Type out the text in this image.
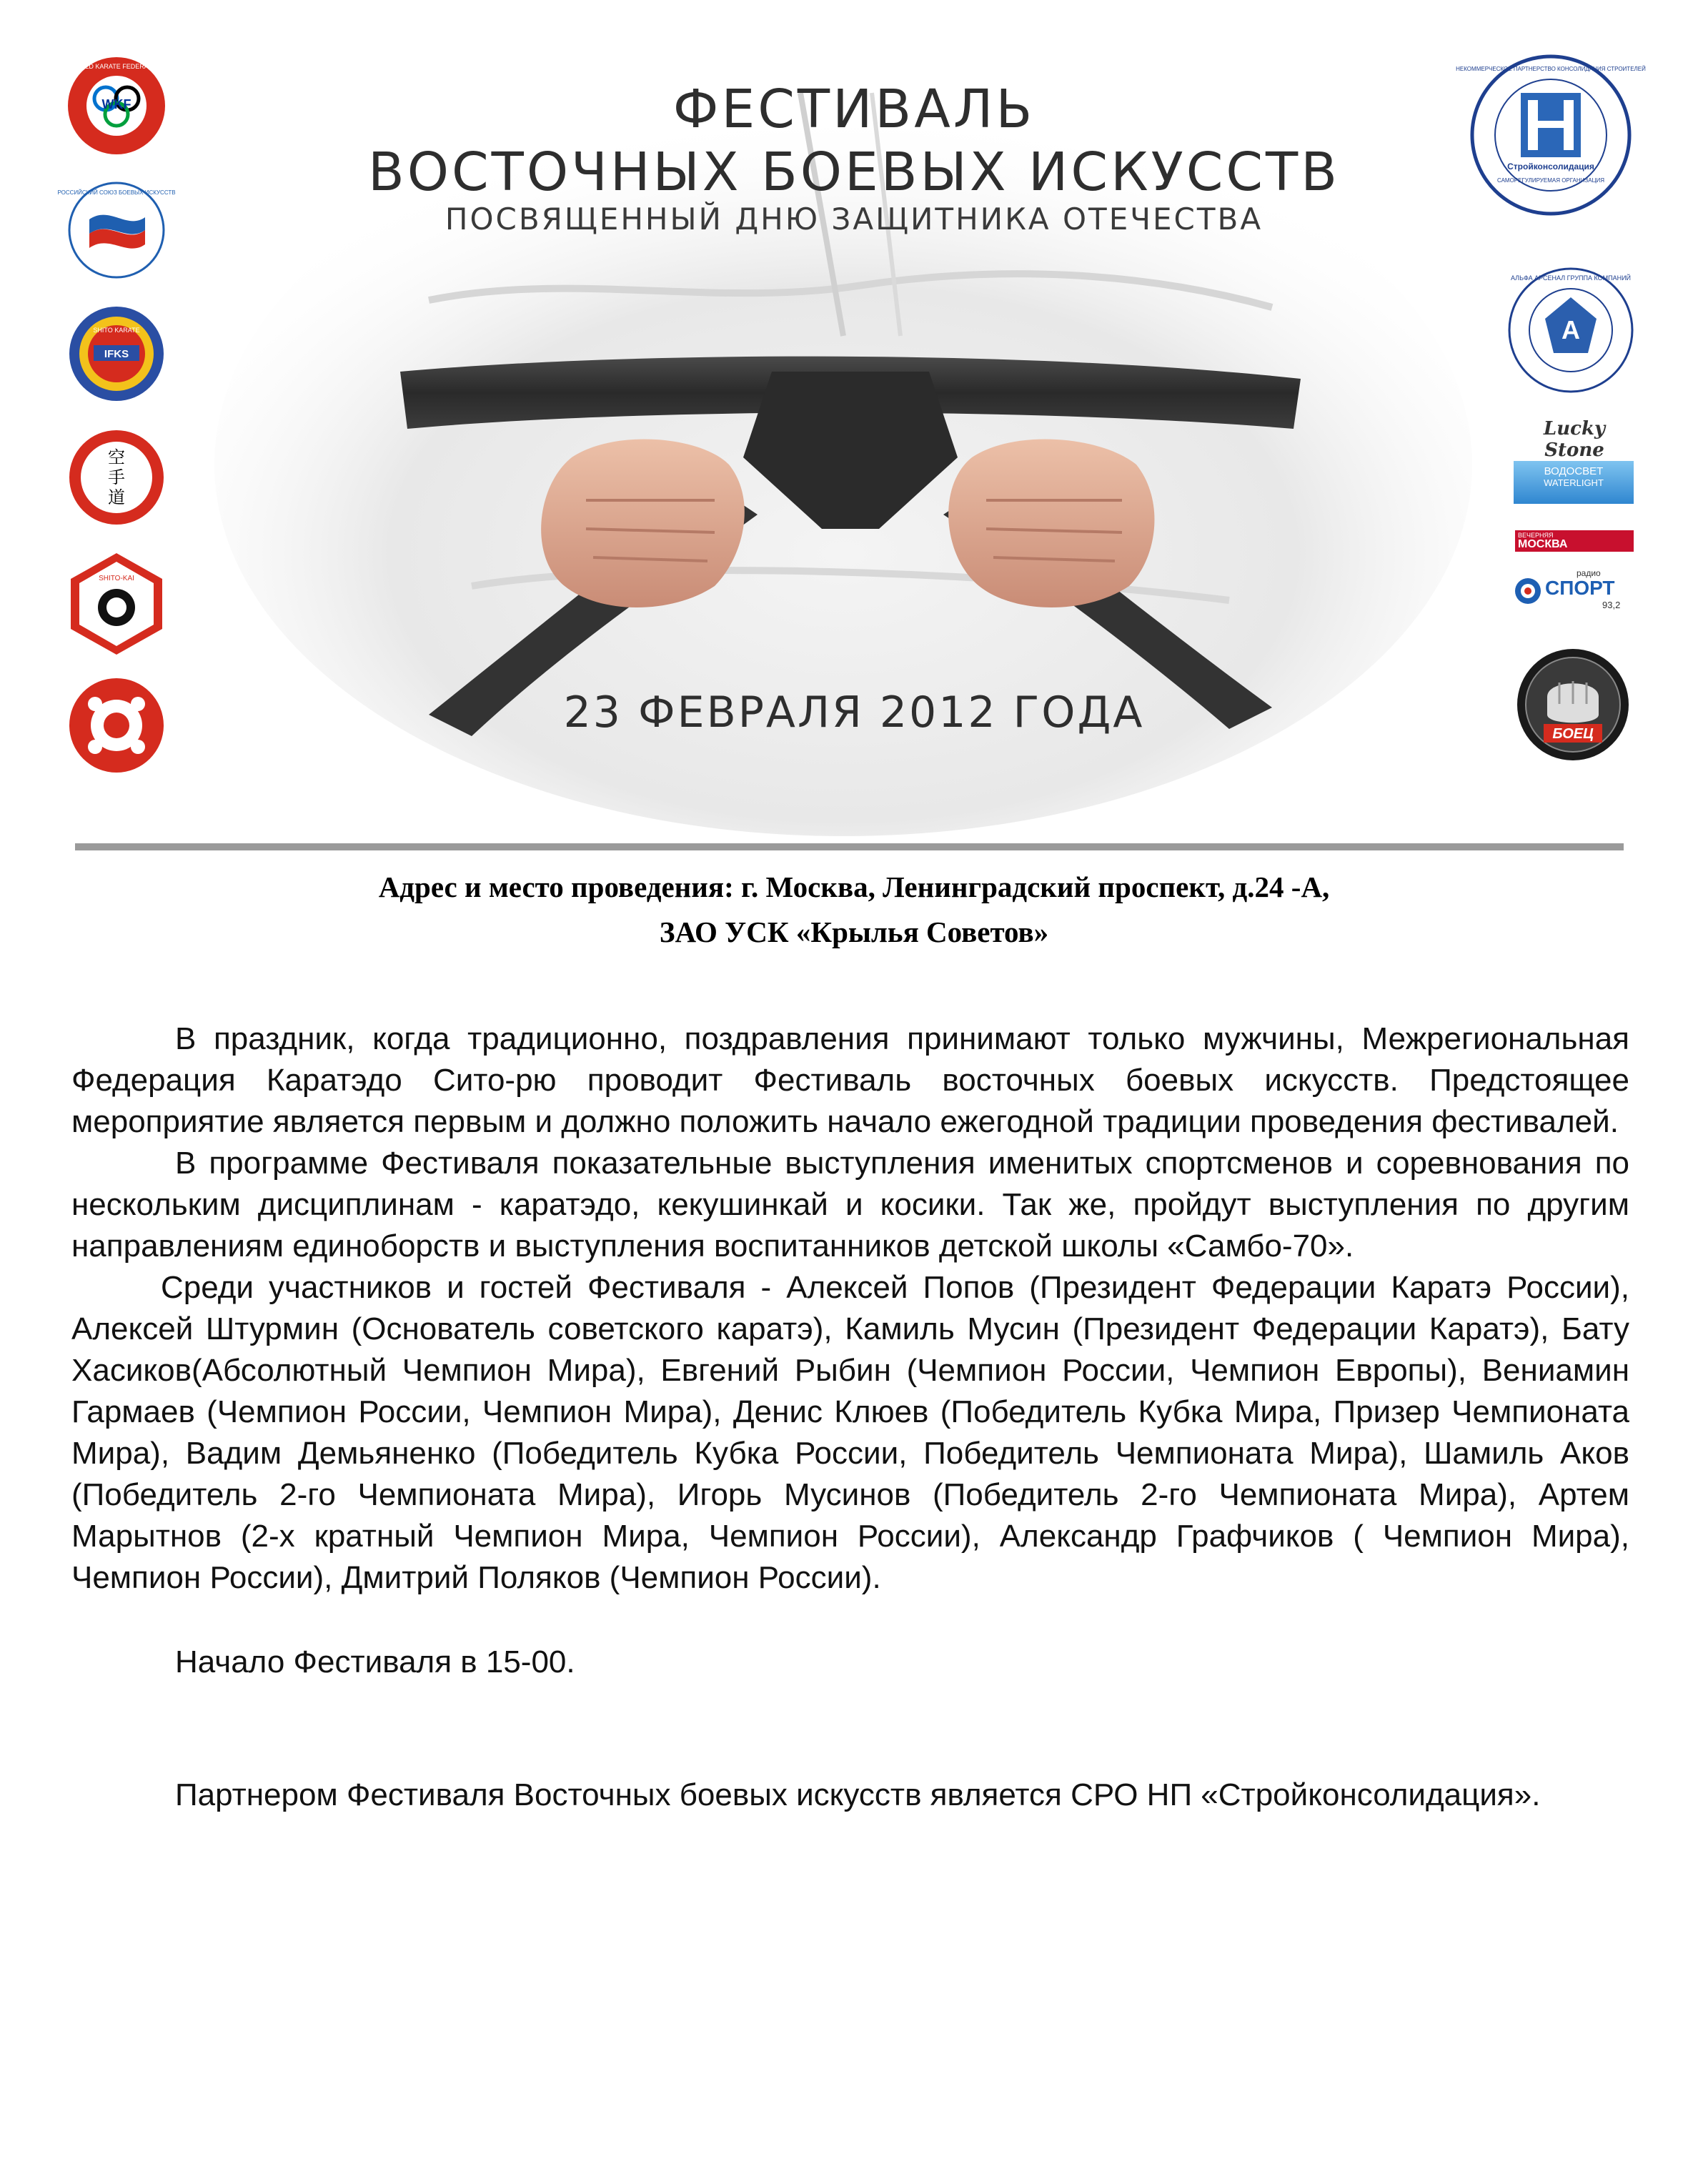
ФЕСТИВАЛЬ
ВОСТОЧНЫХ БОЕВЫХ ИСКУССТВ
ПОСВЯЩЕННЫЙ ДНЮ ЗАЩИТНИКА ОТЕЧЕСТВА
23 ФЕВРАЛЯ 2012 ГОДА
WKF
WORLD KARATE FEDERATION
РОССИЙСКИЙ СОЮЗ БОЕВЫХ ИСКУССТВ
IFKS
SHITO KARATE
空
手
道
SHITO-KAI
Стройконсолидация
САМОРЕГУЛИРУЕМАЯ ОРГАНИЗАЦИЯ
НЕКОММЕРЧЕСКОЕ ПАРТНЕРСТВО КОНСОЛИДАЦИЯ СТРОИТЕЛЕЙ
A
АЛЬФА АРСЕНАЛ ГРУППА КОМПАНИЙ
Lucky Stone
ВОДОСВЕТ
WATERLIGHT
ВЕЧЕРНЯЯ
МОСКВА
радио
СПОРТ
93,2
БОЕЦ

Адрес и место проведения: г. Москва, Ленинградский проспект, д.24 -А,

ЗАО УСК «Крылья Советов»

В праздник, когда традиционно, поздравления принимают только мужчины, Межрегиональная Федерация Каратэдо Сито-рю проводит Фестиваль восточных боевых искусств. Предстоящее мероприятие является первым и должно положить начало ежегодной традиции проведения фестивалей.

В программе Фестиваля показательные выступления именитых спортсменов и соревнования по нескольким дисциплинам - каратэдо, кекушинкай и косики. Так же, пройдут выступления по другим направлениям единоборств и выступления воспитанников детской школы «Самбо-70».

Среди участников и гостей Фестиваля - Алексей Попов (Президент Федерации Каратэ России), Алексей Штурмин (Основатель советского каратэ), Камиль Мусин (Президент Федерации Каратэ), Бату Хасиков(Абсолютный Чемпион Мира), Евгений Рыбин (Чемпион России, Чемпион Европы), Вениамин Гармаев (Чемпион России, Чемпион Мира), Денис Клюев (Победитель Кубка Мира, Призер Чемпионата Мира), Вадим Демьяненко (Победитель Кубка России, Победитель Чемпионата Мира), Шамиль Аков (Победитель 2-го Чемпионата Мира), Игорь Мусинов (Победитель 2-го Чемпионата Мира), Артем Марытнов (2-х кратный Чемпион Мира, Чемпион России), Александр Графчиков ( Чемпион Мира), Чемпион России), Дмитрий Поляков (Чемпион России).

Начало Фестиваля в 15-00.

Партнером Фестиваля Восточных боевых искусств является СРО НП «Стройконсолидация».
